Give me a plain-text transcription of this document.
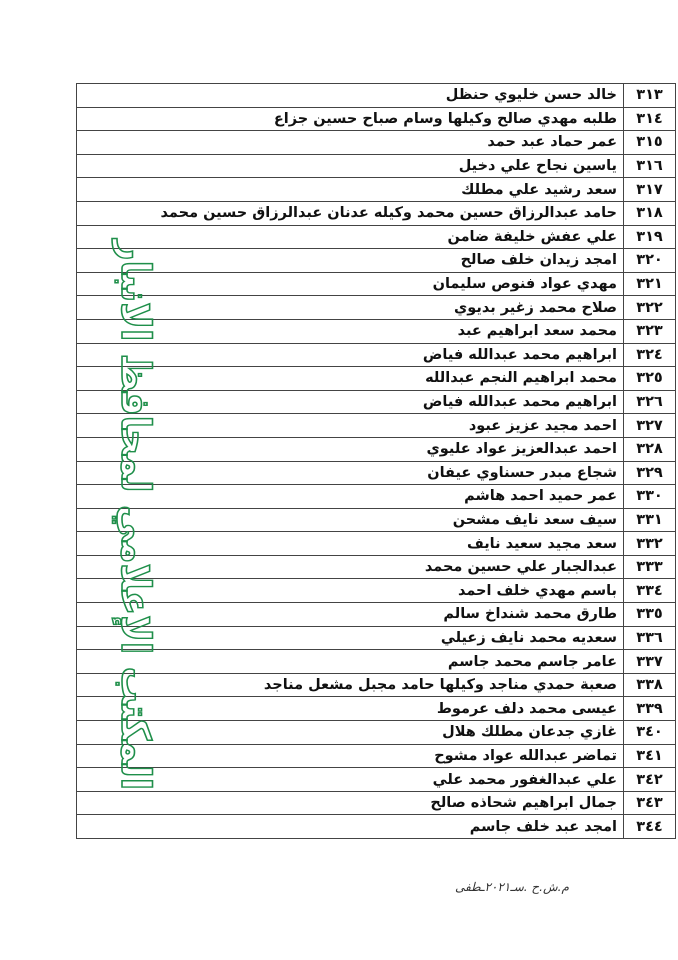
٣١٣	خالد حسن خليوي حنظل
٣١٤	طلبه مهدي صالح وكيلها وسام صباح حسين جزاع
٣١٥	عمر حماد عبد حمد
٣١٦	ياسين نجاح علي دخيل
٣١٧	سعد رشيد علي مطلك
٣١٨	حامد عبدالرزاق حسين محمد وكيله عدنان عبدالرزاق حسين محمد
٣١٩	علي عفش خليفة ضامن
٣٢٠	امجد زيدان خلف صالح
٣٢١	مهدي عواد فنوص سليمان
٣٢٢	صلاح محمد زغير بديوي
٣٢٣	محمد سعد ابراهيم عبد
٣٢٤	ابراهيم محمد عبدالله فياض
٣٢٥	محمد ابراهيم النجم عبدالله
٣٢٦	ابراهيم محمد عبدالله فياض
٣٢٧	احمد مجيد عزيز عبود
٣٢٨	احمد عبدالعزيز عواد عليوي
٣٢٩	شجاع مبدر حسناوي عيفان
٣٣٠	عمر حميد احمد هاشم
٣٣١	سيف سعد نايف مشحن
٣٣٢	سعد مجيد سعيد نايف
٣٣٣	عبدالجبار علي حسين محمد
٣٣٤	باسم مهدي خلف احمد
٣٣٥	طارق محمد شنداخ سالم
٣٣٦	سعديه محمد نايف زعيلي
٣٣٧	عامر جاسم محمد جاسم
٣٣٨	صعبة حمدي مناجد وكيلها حامد مجبل مشعل مناجد
٣٣٩	عيسى محمد دلف عرموط
٣٤٠	غازي جدعان مطلك هلال
٣٤١	تماضر عبدالله عواد مشوح
٣٤٢	علي عبدالغفور محمد علي
٣٤٣	جمال ابراهيم شحاذه صالح
٣٤٤	امجد عبد خلف جاسم
المكتب الإعلامي لمحافظ الانبار
م.ش.ح .سـ٢٠٢١ـطفى
